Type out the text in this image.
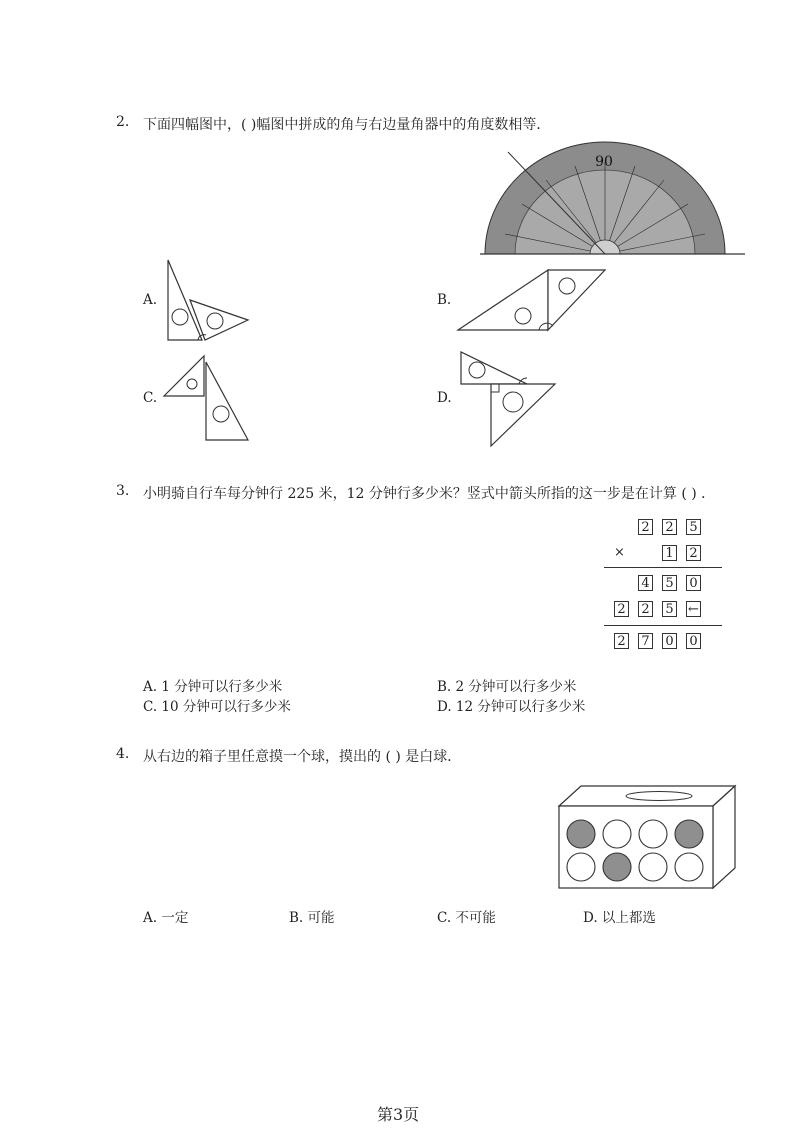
2. 下面四幅图中，( )幅图中拼成的角与右边量角器中的角度数相等．
90
A.	B.
C.	D.
3. 小明骑自行车每分钟行 225 米，12 分钟行多少米？竖式中箭头所指的这一步是在计算 ( ) ．
2 2 5
×	1 2
4 5 0
2 2 5 ←
2 7 0 0
A. 1 分钟可以行多少米	B. 2 分钟可以行多少米
C. 10 分钟可以行多少米	D. 12 分钟可以行多少米
4. 从右边的箱子里任意摸一个球，摸出的 ( ) 是白球．
A. 一定	B. 可能	C. 不可能	D. 以上都选
第3页
